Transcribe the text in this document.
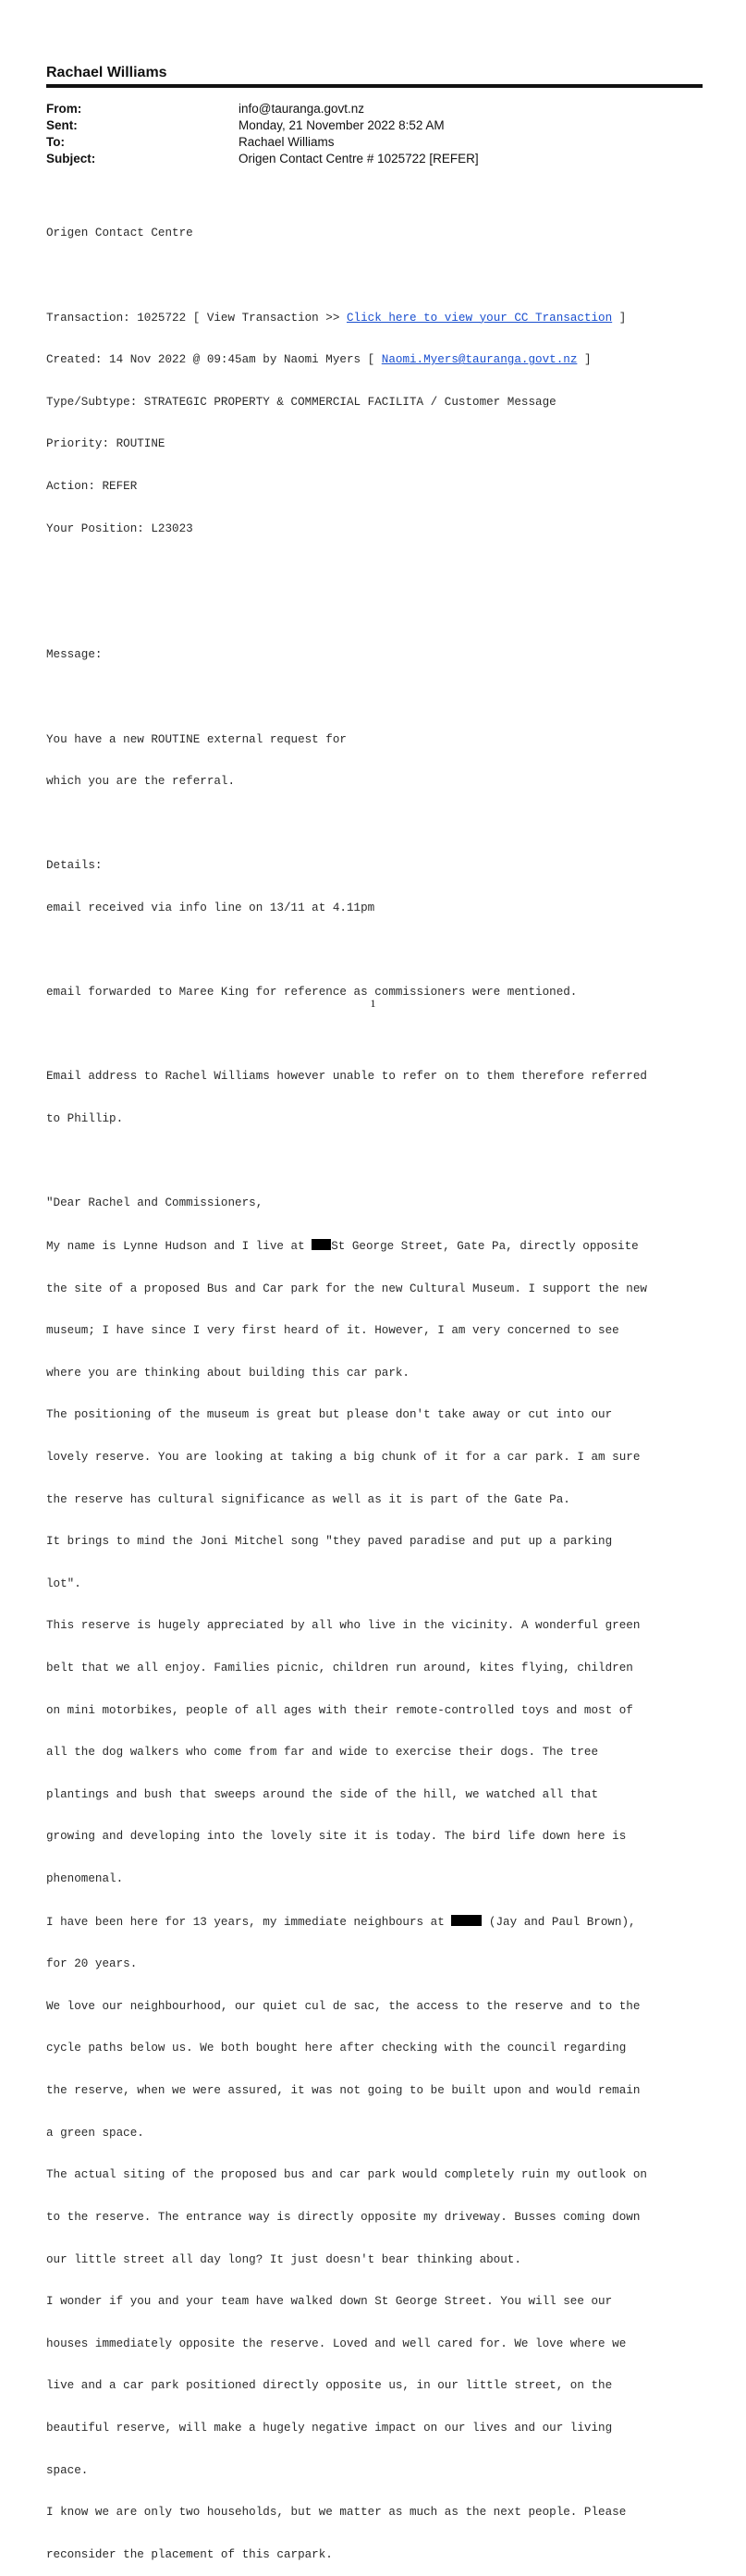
Rachael Williams
From:	info@tauranga.govt.nz
Sent:	Monday, 21 November 2022 8:52 AM
To:	Rachael Williams
Subject:	Origen Contact Centre # 1025722 [REFER]

Origen Contact Centre

Transaction: 1025722 [ View Transaction >> Click here to view your CC Transaction ]

Created: 14 Nov 2022 @ 09:45am by Naomi Myers [ Naomi.Myers@tauranga.govt.nz ]

Type/Subtype: STRATEGIC PROPERTY & COMMERCIAL FACILITA / Customer Message

Priority: ROUTINE

Action: REFER

Your Position: L23023

Message:

You have a new ROUTINE external request for

which you are the referral.

Details:

email received via info line on 13/11 at 4.11pm

email forwarded to Maree King for reference as commissioners were mentioned.

Email address to Rachel Williams however unable to refer on to them therefore referred

to Phillip.

"Dear Rachel and Commissioners,

My name is Lynne Hudson and I live at St George Street, Gate Pa, directly opposite

the site of a proposed Bus and Car park for the new Cultural Museum. I support the new

museum; I have since I very first heard of it. However, I am very concerned to see

where you are thinking about building this car park.

The positioning of the museum is great but please don't take away or cut into our

lovely reserve. You are looking at taking a big chunk of it for a car park. I am sure

the reserve has cultural significance as well as it is part of the Gate Pa.

It brings to mind the Joni Mitchel song "they paved paradise and put up a parking

lot".

This reserve is hugely appreciated by all who live in the vicinity. A wonderful green

belt that we all enjoy. Families picnic, children run around, kites flying, children

on mini motorbikes, people of all ages with their remote-controlled toys and most of

all the dog walkers who come from far and wide to exercise their dogs. The tree

plantings and bush that sweeps around the side of the hill, we watched all that

growing and developing into the lovely site it is today. The bird life down here is

phenomenal.

I have been here for 13 years, my immediate neighbours at	(Jay and Paul Brown),

for 20 years.

We love our neighbourhood, our quiet cul de sac, the access to the reserve and to the

cycle paths below us. We both bought here after checking with the council regarding

the reserve, when we were assured, it was not going to be built upon and would remain

a green space.

The actual siting of the proposed bus and car park would completely ruin my outlook on

to the reserve. The entrance way is directly opposite my driveway. Busses coming down

our little street all day long? It just doesn't bear thinking about.

I wonder if you and your team have walked down St George Street. You will see our

houses immediately opposite the reserve. Loved and well cared for. We love where we

live and a car park positioned directly opposite us, in our little street, on the

beautiful reserve, will make a hugely negative impact on our lives and our living

space.

I know we are only two households, but we matter as much as the next people. Please

reconsider the placement of this carpark.

1
